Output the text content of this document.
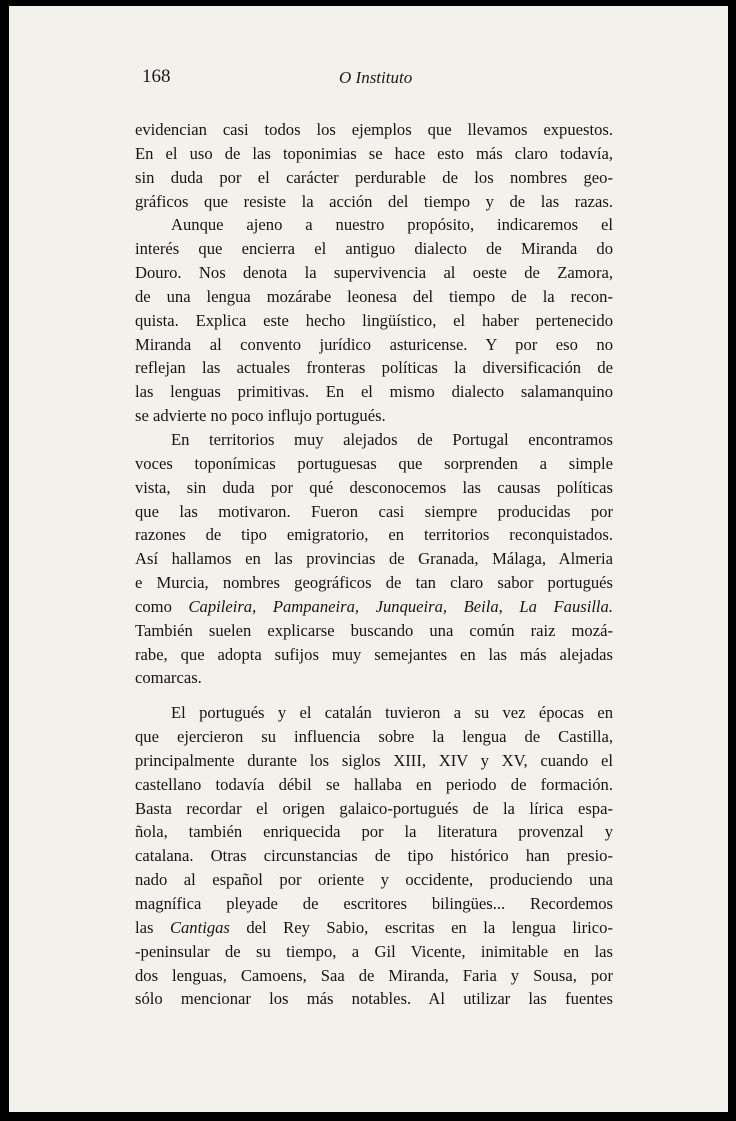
168	O Instituto
evidencian casi todos los ejemplos que llevamos expuestos.
En el uso de las toponimias se hace esto más claro todavía,
sin duda por el carácter perdurable de los nombres geo-
gráficos que resiste la acción del tiempo y de las razas.
Aunque ajeno a nuestro propósito, indicaremos el
interés que encierra el antiguo dialecto de Miranda do
Douro. Nos denota la supervivencia al oeste de Zamora,
de una lengua mozárabe leonesa del tiempo de la recon-
quista. Explica este hecho lingüístico, el haber pertenecido
Miranda al convento jurídico asturicense. Y por eso no
reflejan las actuales fronteras políticas la diversificación de
las lenguas primitivas. En el mismo dialecto salamanquino
se advierte no poco influjo portugués.
En territorios muy alejados de Portugal encontramos
voces toponímicas portuguesas que sorprenden a simple
vista, sin duda por qué desconocemos las causas políticas
que las motivaron. Fueron casi siempre producidas por
razones de tipo emigratorio, en territorios reconquistados.
Así hallamos en las provincias de Granada, Málaga, Almeria
e Murcia, nombres geográficos de tan claro sabor portugués
como Capileira, Pampaneira, Junqueira, Beila, La Fausilla.
También suelen explicarse buscando una común raiz mozá-
rabe, que adopta sufijos muy semejantes en las más alejadas
comarcas.
El portugués y el catalán tuvieron a su vez épocas en
que ejercieron su influencia sobre la lengua de Castilla,
principalmente durante los siglos XIII, XIV y XV, cuando el
castellano todavía débil se hallaba en periodo de formación.
Basta recordar el origen galaico-portugués de la lírica espa-
ñola, también enriquecida por la literatura provenzal y
catalana. Otras circunstancias de tipo histórico han presio-
nado al español por oriente y occidente, produciendo una
magnífica pleyade de escritores bilingües... Recordemos
las Cantigas del Rey Sabio, escritas en la lengua lirico-
-peninsular de su tiempo, a Gil Vicente, inimitable en las
dos lenguas, Camoens, Saa de Miranda, Faria y Sousa, por
sólo mencionar los más notables. Al utilizar las fuentes
